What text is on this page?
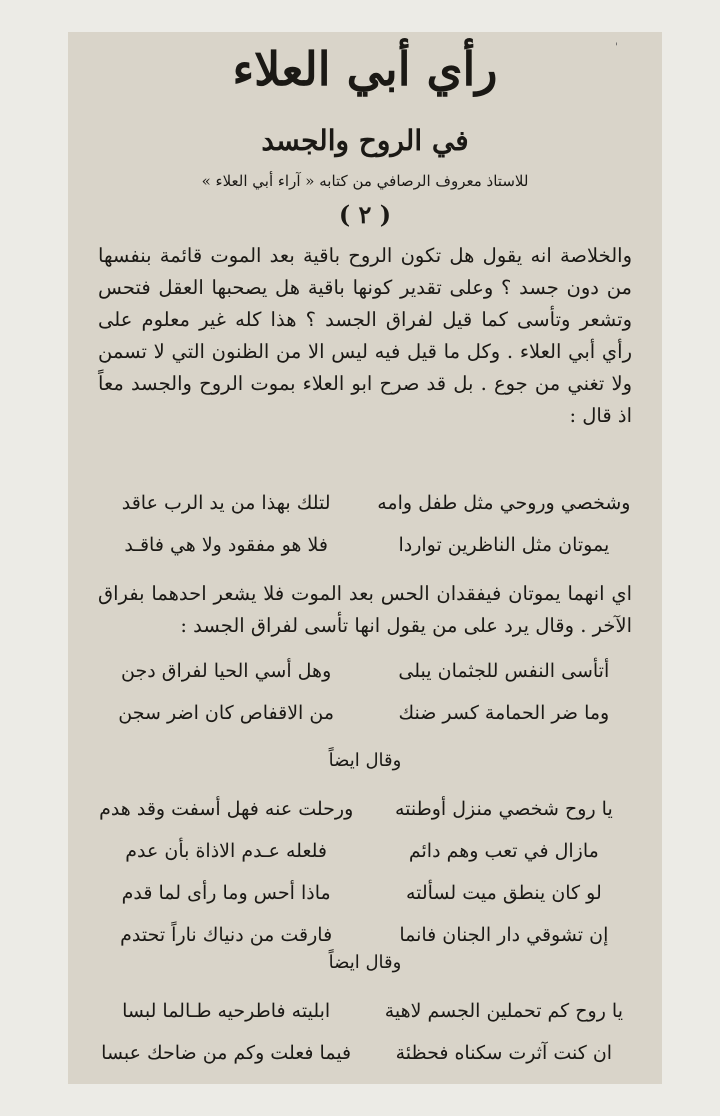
'
رأي أبي العلاء
في الروح والجسد
للاستاذ معروف الرصافي من كتابه « آراء أبي العلاء »
( ٢ )

والخلاصة انه يقول هل تكون الروح باقية بعد الموت قائمة بنفسها من دون جسد ؟ وعلى تقدير كونها باقية هل يصحبها العقل فتحس وتشعر وتأسى كما قيل لفراق الجسد ؟ هذا كله غير معلوم على رأي أبي العلاء . وكل ما قيل فيه ليس الا من الظنون التي لا تسمن ولا تغني من جوع . بل قد صرح ابو العلاء بموت الروح والجسد معاً اذ قال :

وشخصي وروحي مثل طفل وامه
لتلك بهذا من يد الرب عاقد
يموتان مثل الناظرين تواردا
فلا هو مفقود ولا هي فاقـد

اي انهما يموتان فيفقدان الحس بعد الموت فلا يشعر احدهما بفراق الآخر . وقال يرد على من يقول انها تأسى لفراق الجسد :

أتأسى النفس للجثمان يبلى
وهل أسي الحيا لفراق دجن
وما ضر الحمامة كسر ضنك
من الاقفاص كان اضر سجن
وقال ايضاً
يا روح شخصي منزل أوطنته
ورحلت عنه فهل أسفت وقد هدم
مازال في تعب وهم دائم
فلعله عـدم الاذاة بأن عدم
لو كان ينطق ميت لسألته
ماذا أحس وما رأى لما قدم
إن تشوقي دار الجنان فانما
فارقت من دنياك ناراً تحتدم
وقال ايضاً
يا روح كم تحملين الجسم لاهية
ابليته فاطرحيه طـالما لبسا
ان كنت آثرت سكناه فحظئة
فيما فعلت وكم من ضاحك عبسا
